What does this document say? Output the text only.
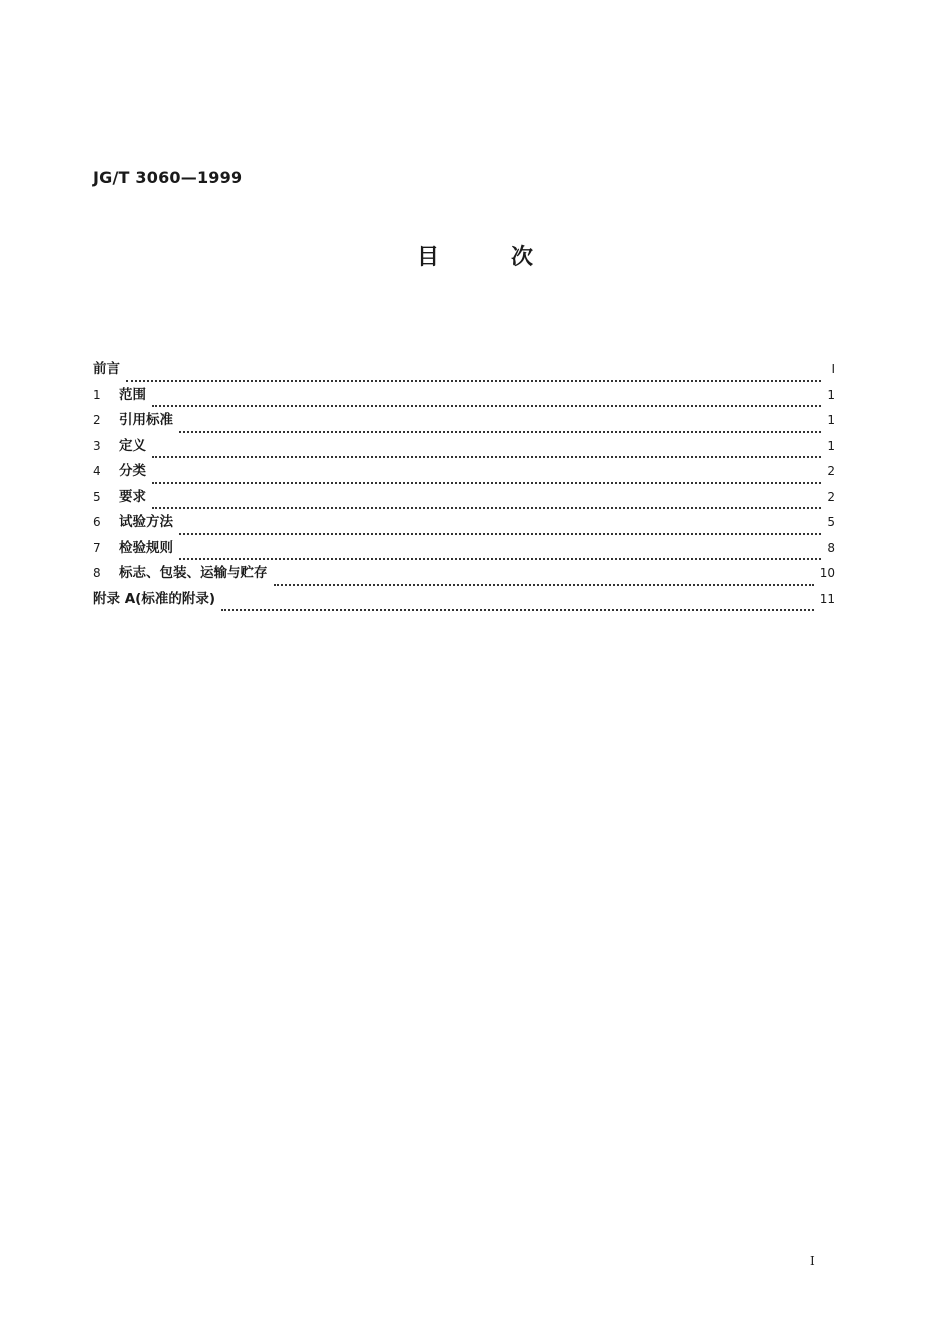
JG/T 3060—1999
目	次
前言	Ⅰ
1	范围	1
2	引用标准	1
3	定义	1
4	分类	2
5	要求	2
6	试验方法	5
7	检验规则	8
8	标志、包装、运输与贮存	10
附录 A(标准的附录)	11
Ⅰ
